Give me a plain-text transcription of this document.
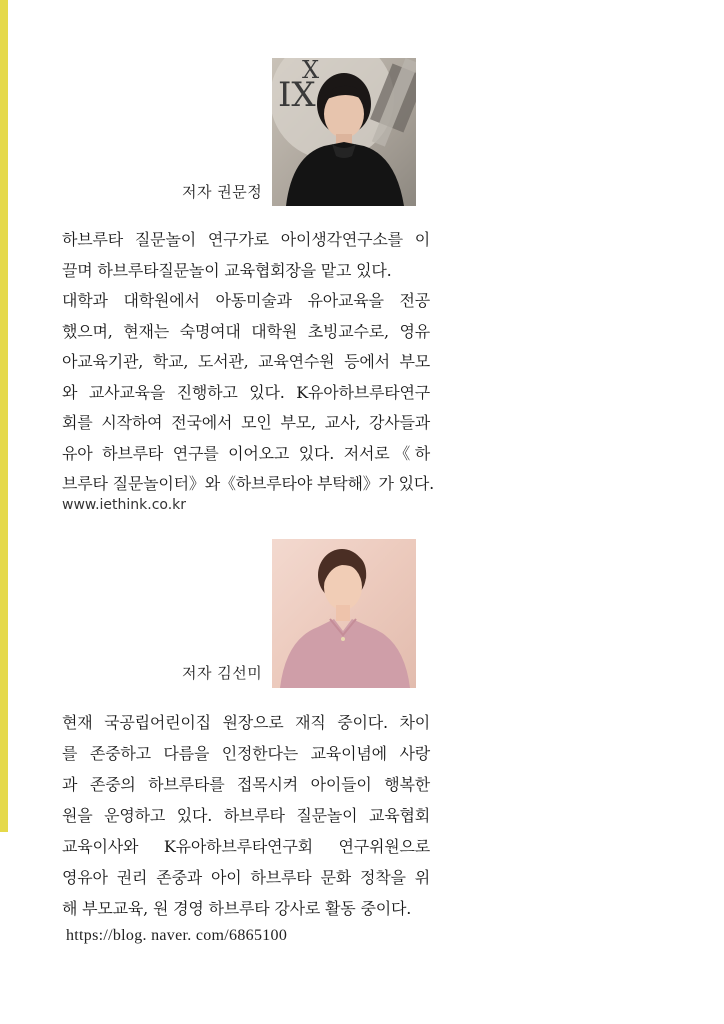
IX
X
저자 권문정
하브루타 질문놀이 연구가로 아이생각연구소를 이
끌며 하브루타질문놀이 교육협회장을 맡고 있다.
대학과 대학원에서 아동미술과 유아교육을 전공
했으며, 현재는 숙명여대 대학원 초빙교수로, 영유
아교육기관, 학교, 도서관, 교육연수원 등에서 부모
와 교사교육을 진행하고 있다. K유아하브루타연구
회를 시작하여 전국에서 모인 부모, 교사, 강사들과
유아 하브루타 연구를 이어오고 있다. 저서로《하
브루타 질문놀이터》와《하브루타야 부탁해》가 있다.
www.iethink.co.kr
저자 김선미
현재 국공립어린이집 원장으로 재직 중이다. 차이
를 존중하고 다름을 인정한다는 교육이념에 사랑
과 존중의 하브루타를 접목시켜 아이들이 행복한
원을 운영하고 있다. 하브루타 질문놀이 교육협회
교육이사와 K유아하브루타연구회 연구위원으로
영유아 권리 존중과 아이 하브루타 문화 정착을 위
해 부모교육, 원 경영 하브루타 강사로 활동 중이다.
https://blog. naver. com/6865100
